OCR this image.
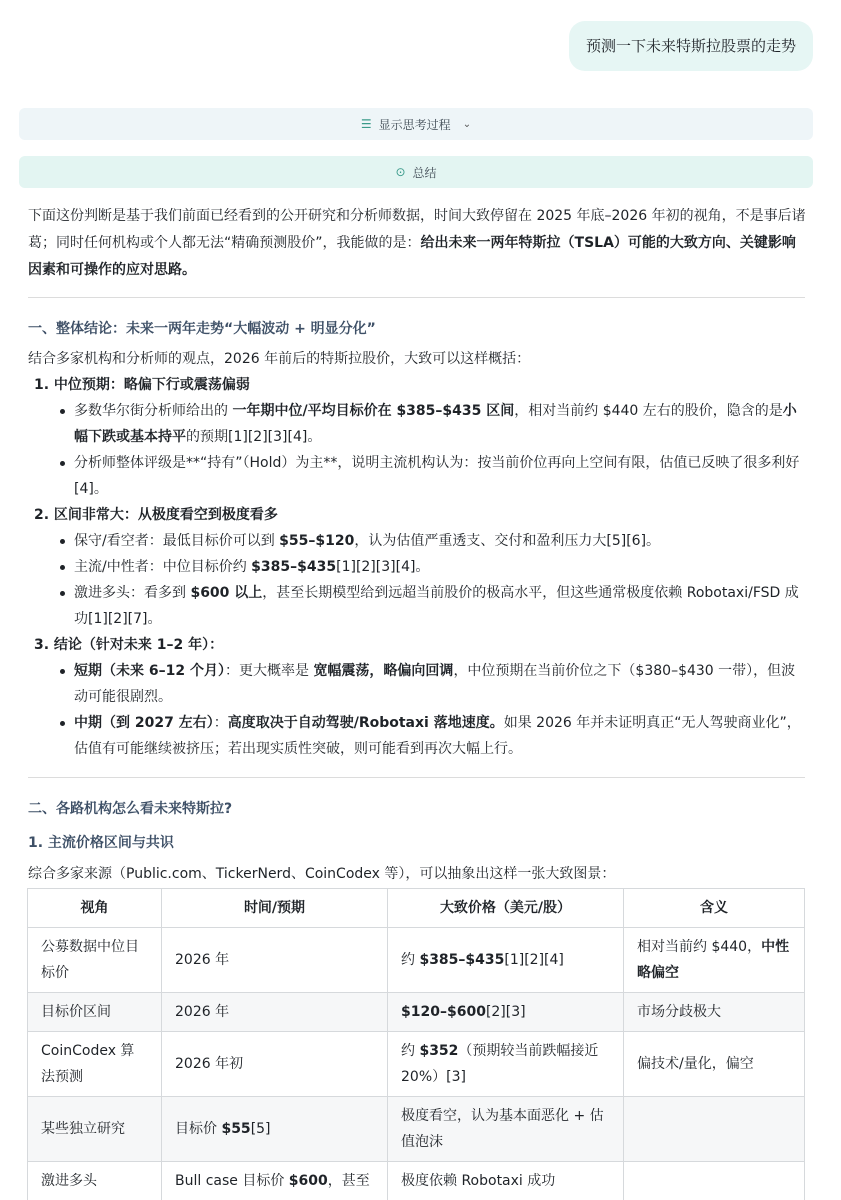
预测一下未来特斯拉股票的走势
☰ 显示思考过程 ⌄
⊙ 总结
下面这份判断是基于我们前面已经看到的公开研究和分析师数据，时间大致停留在 2025 年底–2026 年初的视角，不是事后诸葛；同时任何机构或个人都无法“精确预测股价”，我能做的是：给出未来一两年特斯拉（TSLA）可能的大致方向、关键影响因素和可操作的应对思路。
一、整体结论：未来一两年走势“大幅波动 + 明显分化”
结合多家机构和分析师的观点，2026 年前后的特斯拉股价，大致可以这样概括：
1. 中位预期：略偏下行或震荡偏弱
多数华尔街分析师给出的 一年期中位/平均目标价在 $385–$435 区间，相对当前约 $440 左右的股价，隐含的是小幅下跌或基本持平的预期[1][2][3][4]。
分析师整体评级是**“持有”（Hold）为主**，说明主流机构认为：按当前价位再向上空间有限，估值已反映了很多利好[4]。
2. 区间非常大：从极度看空到极度看多
保守/看空者：最低目标价可以到 $55–$120，认为估值严重透支、交付和盈利压力大[5][6]。
主流/中性者：中位目标价约 $385–$435[1][2][3][4]。
激进多头：看多到 $600 以上，甚至长期模型给到远超当前股价的极高水平，但这些通常极度依赖 Robotaxi/FSD 成功[1][2][7]。
3. 结论（针对未来 1–2 年）：
短期（未来 6–12 个月）：更大概率是 宽幅震荡，略偏向回调，中位预期在当前价位之下（$380–$430 一带），但波动可能很剧烈。
中期（到 2027 左右）：高度取决于自动驾驶/Robotaxi 落地速度。如果 2026 年并未证明真正“无人驾驶商业化”，估值有可能继续被挤压；若出现实质性突破，则可能看到再次大幅上行。
二、各路机构怎么看未来特斯拉?
1. 主流价格区间与共识
综合多家来源（Public.com、TickerNerd、CoinCodex 等），可以抽象出这样一张大致图景：
视角	时间/预期	大致价格（美元/股）	含义
公募数据中位目标价	2026 年	约 $385–$435[1][2][4]	相对当前约 $440，中性略偏空
目标价区间	2026 年	$120–$600[2][3]	市场分歧极大
CoinCodex 算法预测	2026 年初	约 $352（预期较当前跌幅接近 20%）[3]	偏技术/量化，偏空
某些独立研究	目标价 $55[5]	极度看空，认为基本面恶化 + 估值泡沫	
激进多头	Bull case 目标价 $600，甚至	极度依赖 Robotaxi 成功	
